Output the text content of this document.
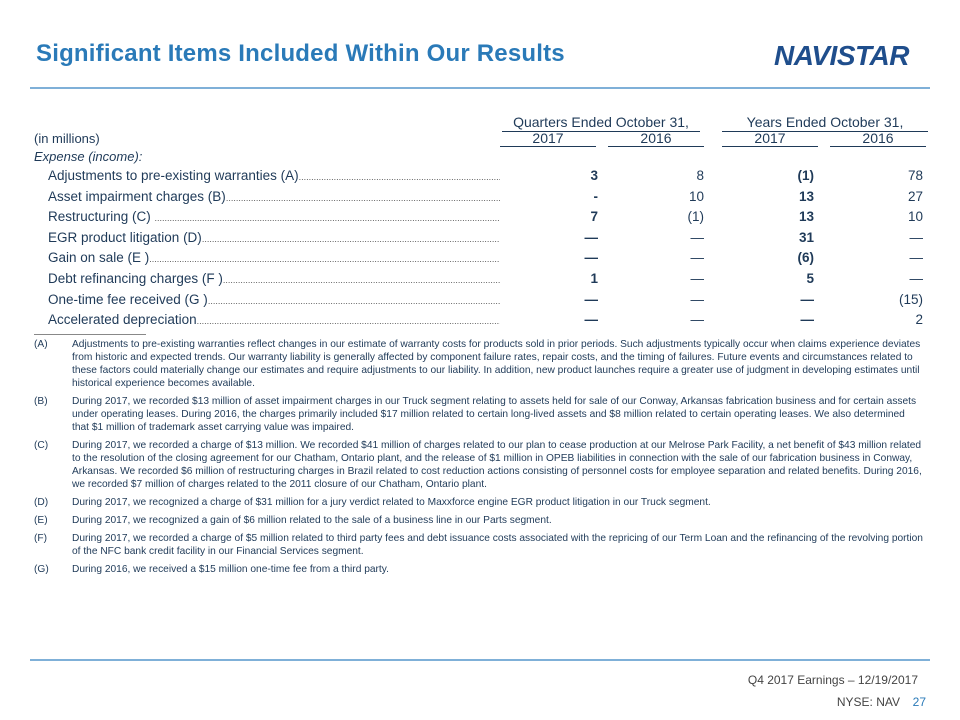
Significant Items Included Within Our Results	NAVISTAR
Quarters Ended October 31,	Years Ended October 31,
2017	2016	2017	2016
(in millions)
Expense (income):
Adjustments to pre-existing warranties (A) .....	3	8	(1)	78
Asset impairment charges (B) .....	-	10	13	27
Restructuring (C) .....	7	(1)	13	10
EGR product litigation (D) .....	—	—	31	—
Gain on sale (E ) .....	—	—	(6)	—
Debt refinancing charges (F ) .....	1	—	5	—
One-time fee received (G ) .....	—	—	—	(15)
Accelerated depreciation .....	—	—	—	2
(A) Adjustments to pre-existing warranties reflect changes in our estimate of warranty costs for products sold in prior periods. Such adjustments typically occur when claims experience deviates from historic and expected trends. Our warranty liability is generally affected by component failure rates, repair costs, and the timing of failures. Future events and circumstances related to these factors could materially change our estimates and require adjustments to our liability. In addition, new product launches require a greater use of judgment in developing estimates until historical experience becomes available.
(B) During 2017, we recorded $13 million of asset impairment charges in our Truck segment relating to assets held for sale of our Conway, Arkansas fabrication business and for certain assets under operating leases. During 2016, the charges primarily included $17 million related to certain long-lived assets and $8 million related to certain operating leases. We also determined that $1 million of trademark asset carrying value was impaired.
(C) During 2017, we recorded a charge of $13 million. We recorded $41 million of charges related to our plan to cease production at our Melrose Park Facility, a net benefit of $43 million related to the resolution of the closing agreement for our Chatham, Ontario plant, and the release of $1 million in OPEB liabilities in connection with the sale of our fabrication business in Conway, Arkansas. We recorded $6 million of restructuring charges in Brazil related to cost reduction actions consisting of personnel costs for employee separation and related benefits. During 2016, we recorded $7 million of charges related to the 2011 closure of our Chatham, Ontario plant.
(D) During 2017, we recognized a charge of $31 million for a jury verdict related to Maxxforce engine EGR product litigation in our Truck segment.
(E) During 2017, we recognized a gain of $6 million related to the sale of a business line in our Parts segment.
(F) During 2017, we recorded a charge of $5 million related to third party fees and debt issuance costs associated with the repricing of our Term Loan and the refinancing of the revolving portion of the NFC bank credit facility in our Financial Services segment.
(G) During 2016, we received a $15 million one-time fee from a third party.
Q4 2017 Earnings – 12/19/2017
NYSE: NAV 27
